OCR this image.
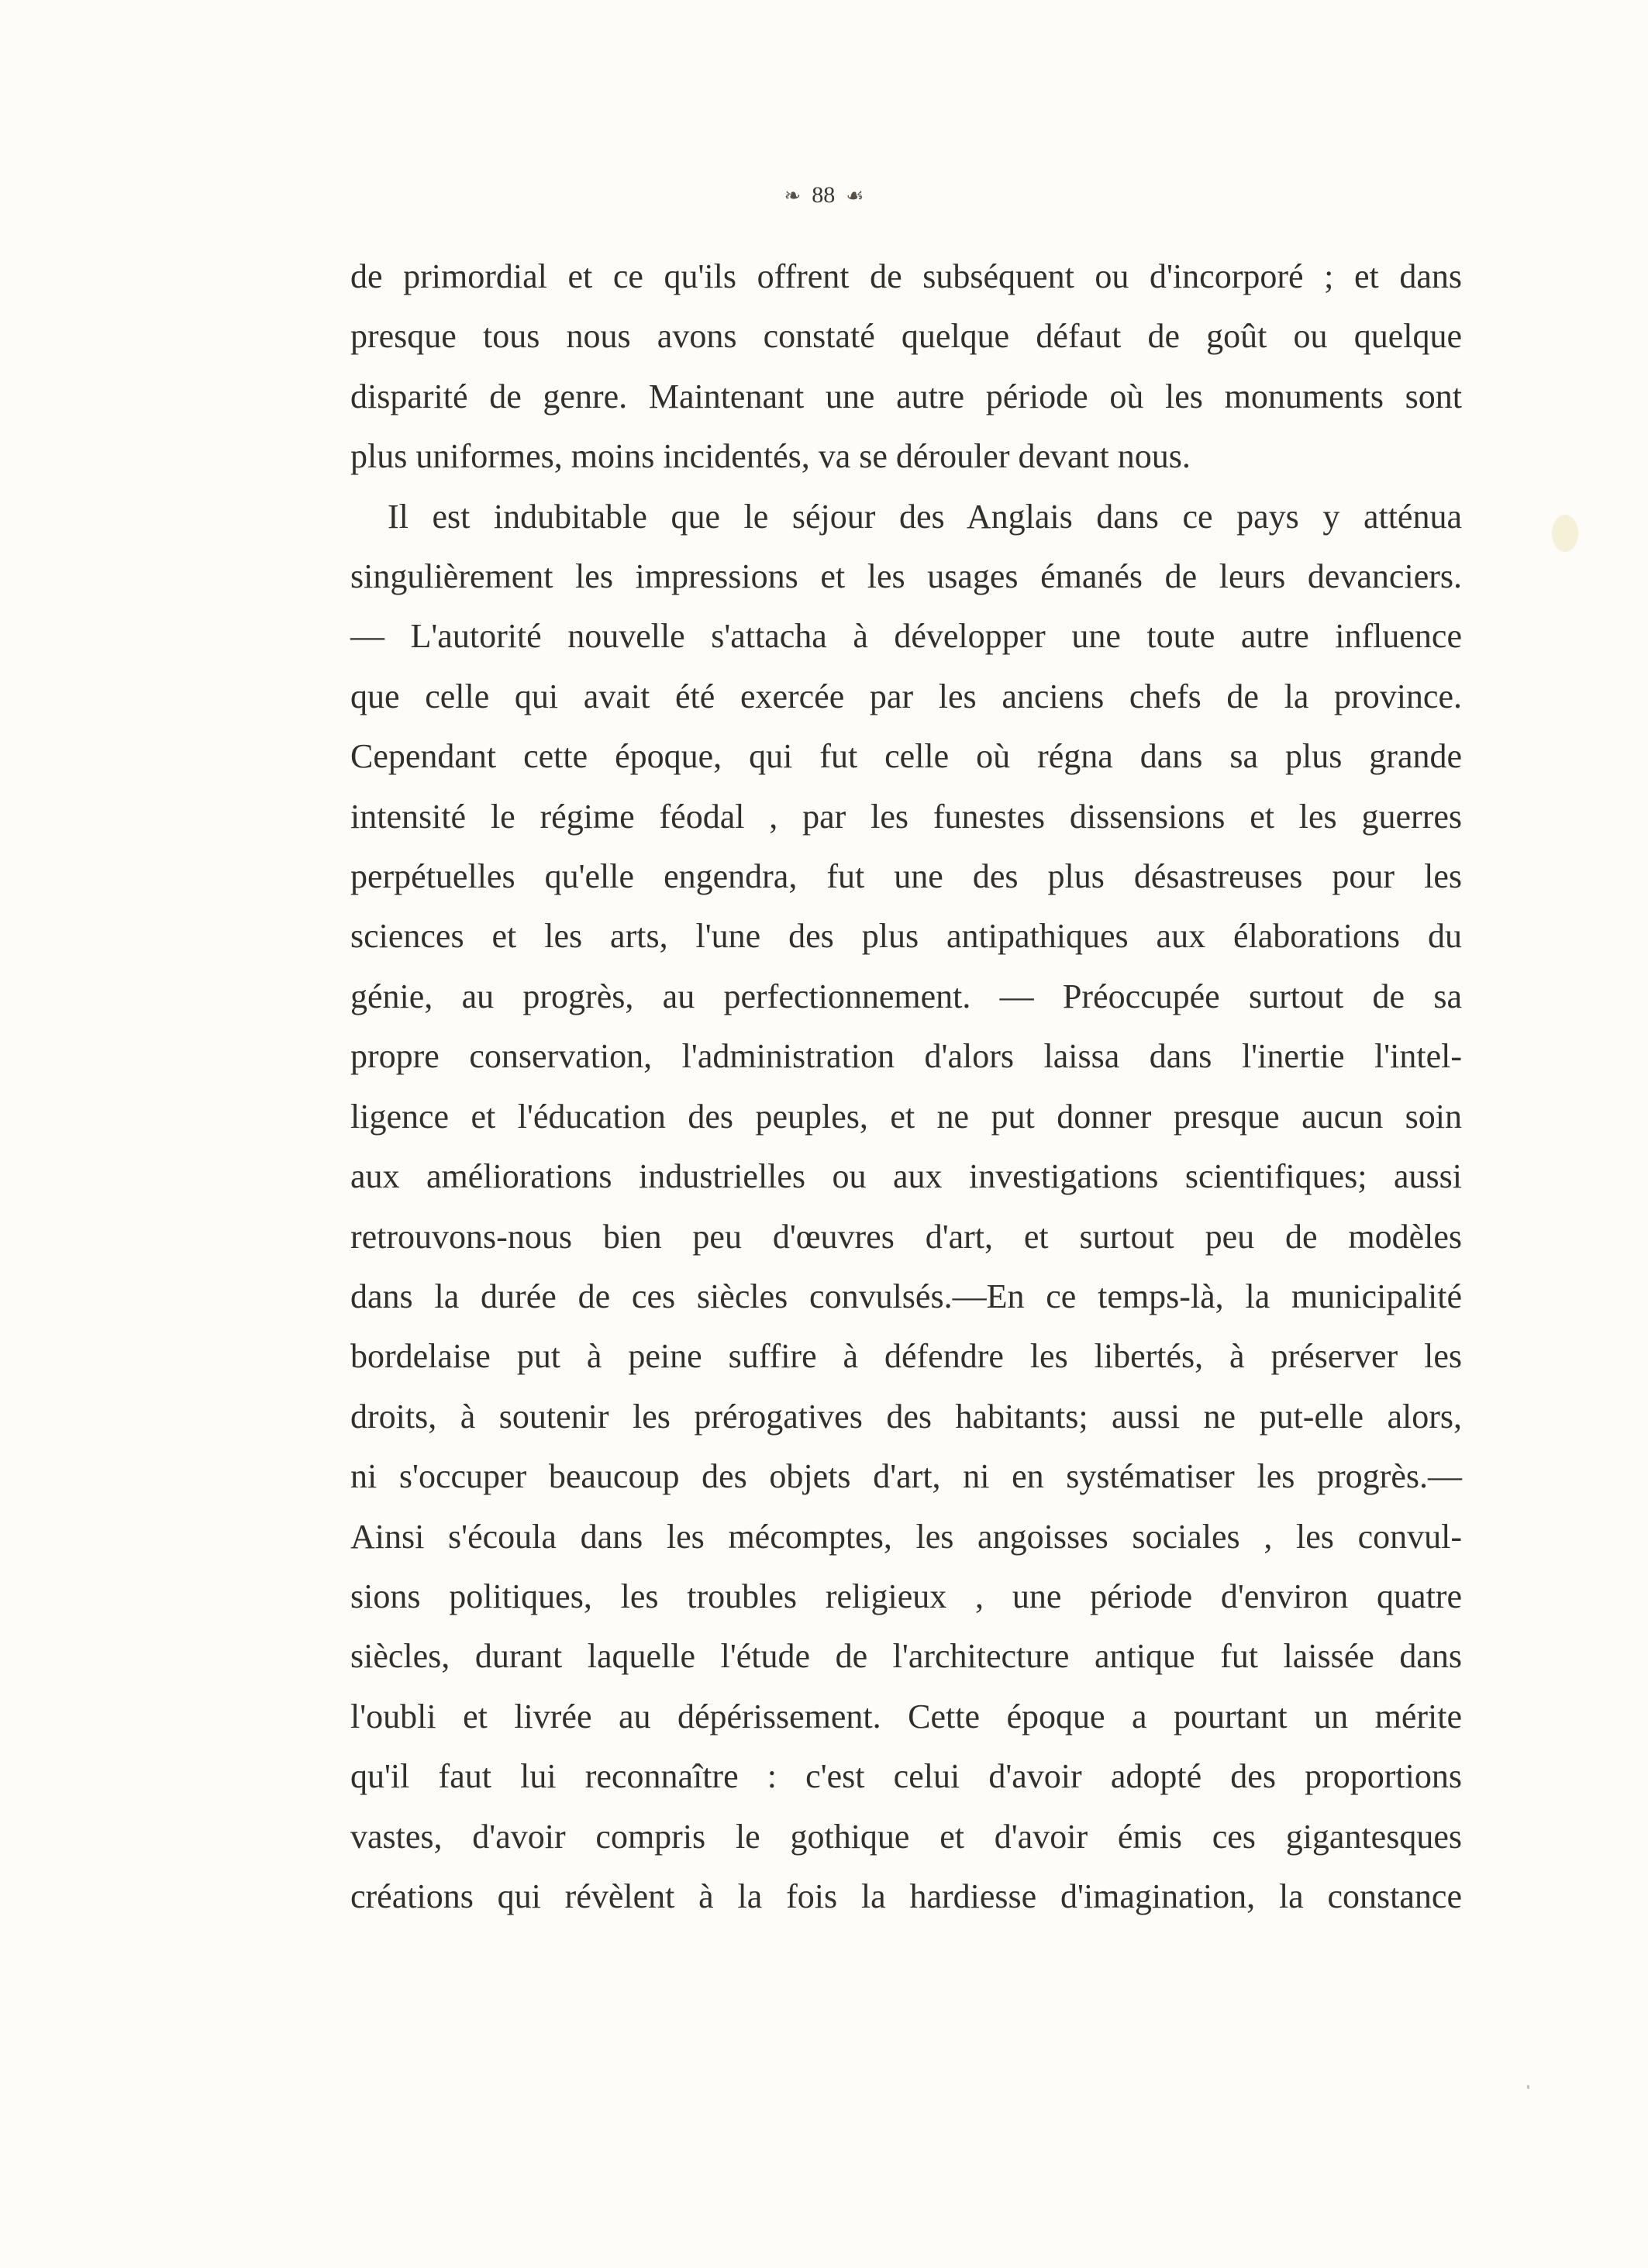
❧ 88 ☙
de primordial et ce qu'ils offrent de subséquent ou d'incorporé ; et dans
presque tous nous avons constaté quelque défaut de goût ou quelque
disparité de genre. Maintenant une autre période où les monuments sont
plus uniformes, moins incidentés, va se dérouler devant nous.
Il est indubitable que le séjour des Anglais dans ce pays y atténua
singulièrement les impressions et les usages émanés de leurs devanciers.
— L'autorité nouvelle s'attacha à développer une toute autre influence
que celle qui avait été exercée par les anciens chefs de la province.
Cependant cette époque, qui fut celle où régna dans sa plus grande
intensité le régime féodal , par les funestes dissensions et les guerres
perpétuelles qu'elle engendra, fut une des plus désastreuses pour les
sciences et les arts, l'une des plus antipathiques aux élaborations du
génie, au progrès, au perfectionnement. — Préoccupée surtout de sa
propre conservation, l'administration d'alors laissa dans l'inertie l'intel-
ligence et l'éducation des peuples, et ne put donner presque aucun soin
aux améliorations industrielles ou aux investigations scientifiques; aussi
retrouvons-nous bien peu d'œuvres d'art, et surtout peu de modèles
dans la durée de ces siècles convulsés.—En ce temps-là, la municipalité
bordelaise put à peine suffire à défendre les libertés, à préserver les
droits, à soutenir les prérogatives des habitants; aussi ne put-elle alors,
ni s'occuper beaucoup des objets d'art, ni en systématiser les progrès.—
Ainsi s'écoula dans les mécomptes, les angoisses sociales , les convul-
sions politiques, les troubles religieux , une période d'environ quatre
siècles, durant laquelle l'étude de l'architecture antique fut laissée dans
l'oubli et livrée au dépérissement. Cette époque a pourtant un mérite
qu'il faut lui reconnaître : c'est celui d'avoir adopté des proportions
vastes, d'avoir compris le gothique et d'avoir émis ces gigantesques
créations qui révèlent à la fois la hardiesse d'imagination, la constance
